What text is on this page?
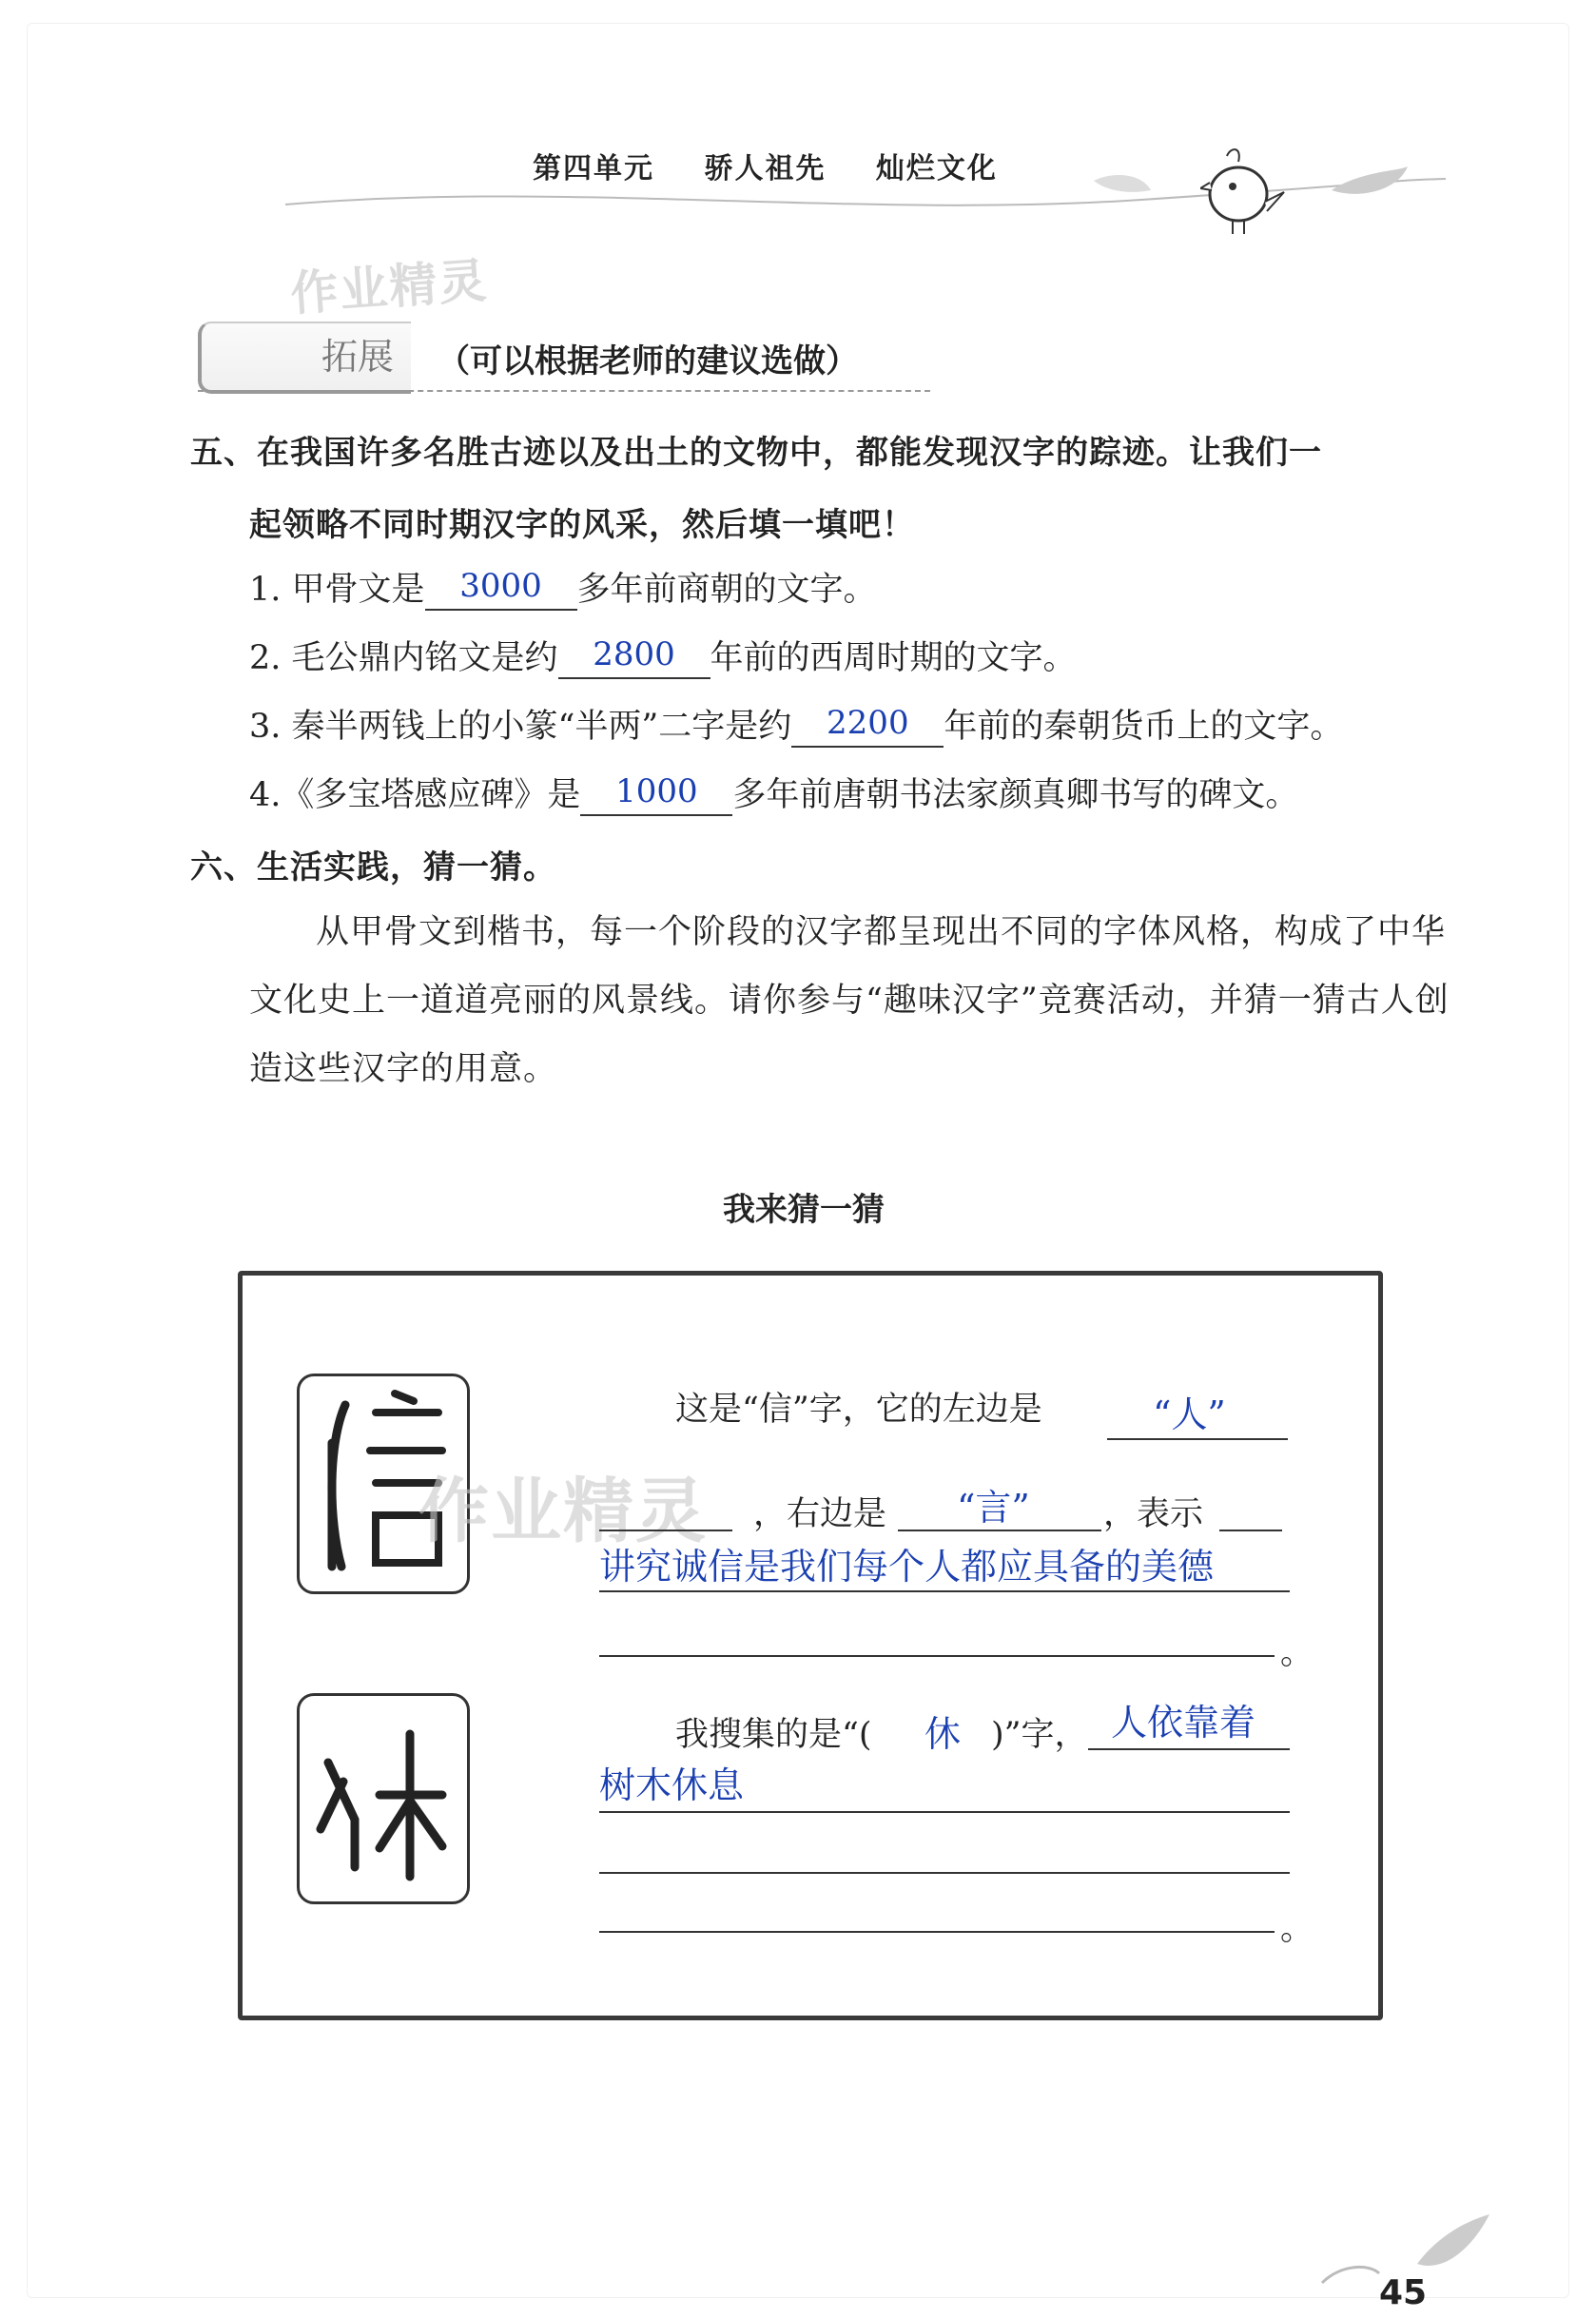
第四单元 骄人祖先 灿烂文化
作业精灵
拓展 （可以根据老师的建议选做）
五、在我国许多名胜古迹以及出土的文物中，都能发现汉字的踪迹。让我们一
起领略不同时期汉字的风采，然后填一填吧！
1. 甲骨文是	3000	多年前商朝的文字。
2. 毛公鼎内铭文是约	2800	年前的西周时期的文字。
3. 秦半两钱上的小篆“半两”二字是约	2200	年前的秦朝货币上的文字。
4.《多宝塔感应碑》是	1000	多年前唐朝书法家颜真卿书写的碑文。
六、生活实践，猜一猜。
从甲骨文到楷书，每一个阶段的汉字都呈现出不同的字体风格，构成了中华文化史上一道道亮丽的风景线。请你参与“趣味汉字”竞赛活动，并猜一猜古人创造这些汉字的用意。
我来猜一猜
作业精灵
这是“信”字，它的左边是	“人”
，右边是 “言” ，表示
讲究诚信是我们每个人都应具备的美德
。
我搜集的是“( 休 )”字， 人依靠着
树木休息
。
45
